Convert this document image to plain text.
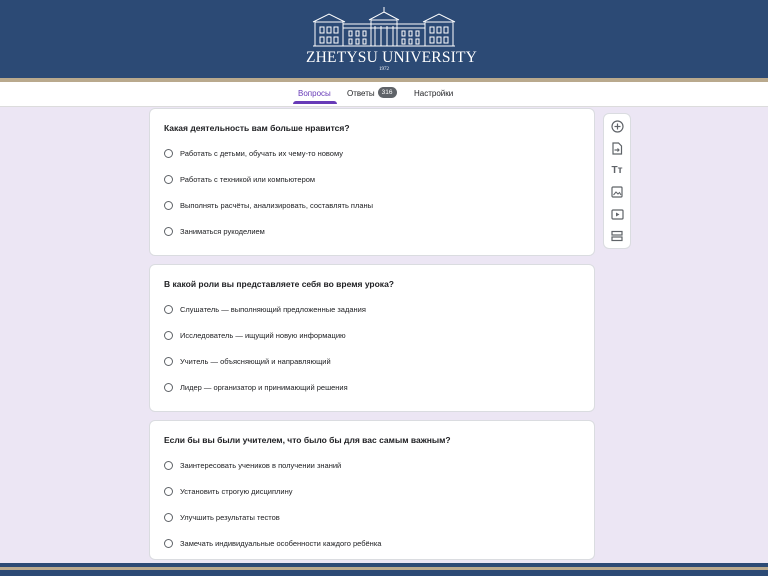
ZHETYSU UNIVERSITY
1972
Вопросы Ответы 316	Настройки
Какая деятельность вам больше нравится?
Работать с детьми, обучать их чему-то новому
Работать с техникой или компьютером
Выполнять расчёты, анализировать, составлять планы
Заниматься рукоделием
В какой роли вы представляете себя во время урока?
Слушатель — выполняющий предложенные задания
Исследователь — ищущий новую информацию
Учитель — объясняющий и направляющий
Лидер — организатор и принимающий решения
Если бы вы были учителем, что было бы для вас самым важным?
Заинтересовать учеников в получении знаний
Установить строгую дисциплину
Улучшить результаты тестов
Замечать индивидуальные особенности каждого ребёнка
Tт
